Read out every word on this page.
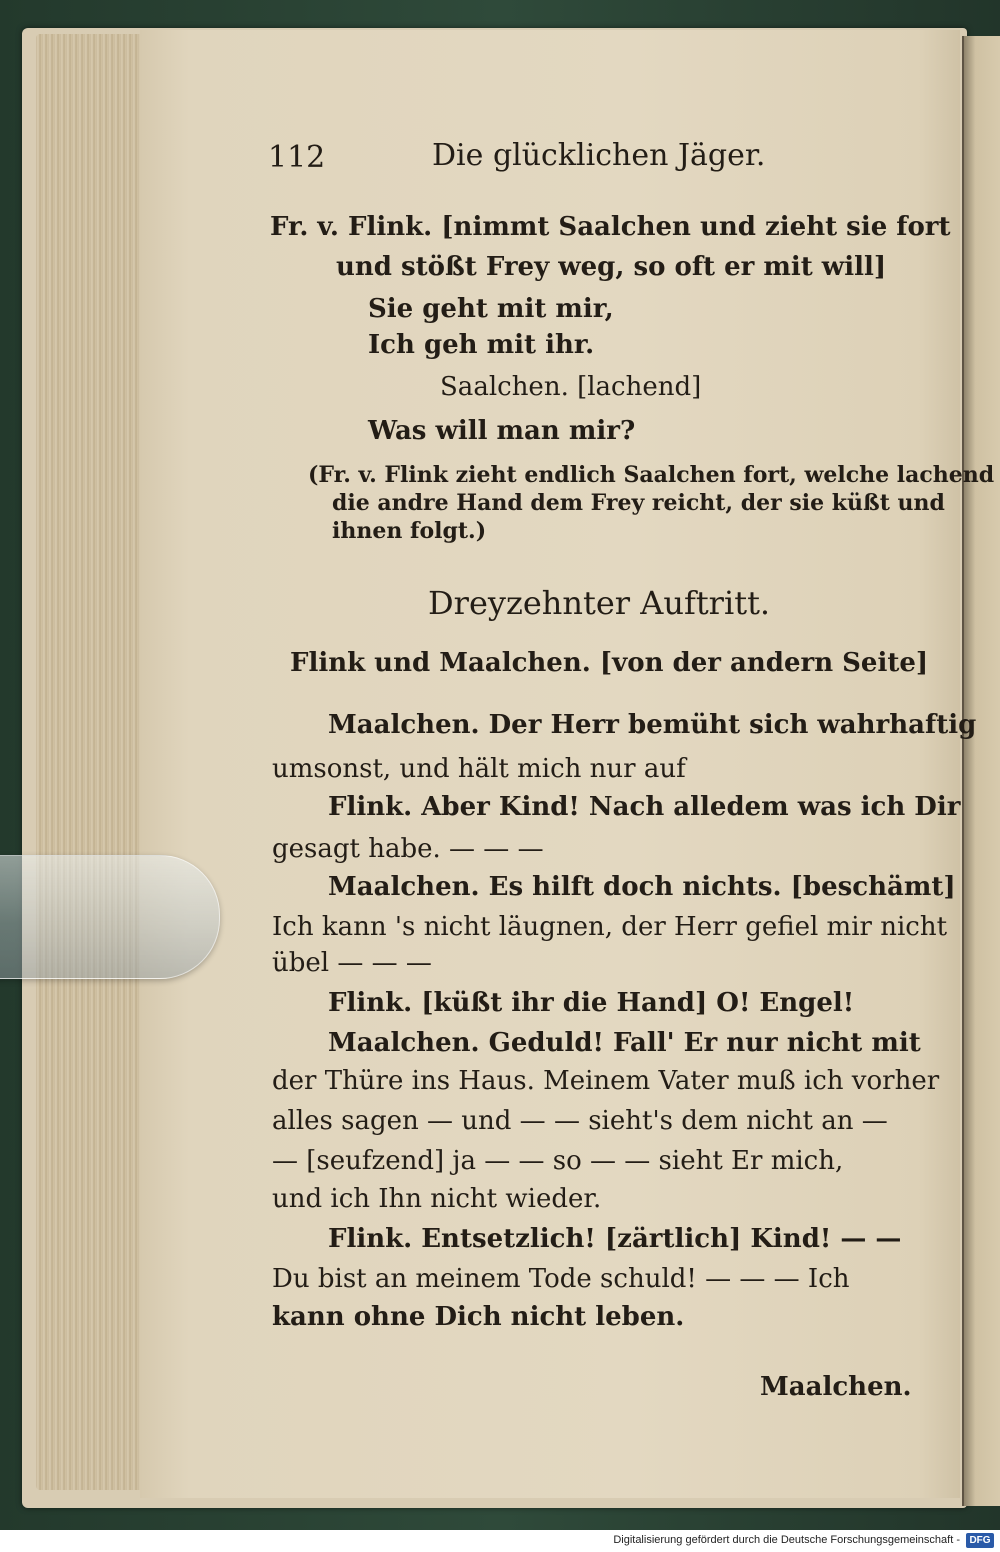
112	Die glücklichen Jäger.
Fr. v. Flink. [nimmt Saalchen und zieht sie fort
und stößt Frey weg, so oft er mit will]
Sie geht mit mir,
Ich geh mit ihr.
Saalchen. [lachend]
Was will man mir?
(Fr. v. Flink zieht endlich Saalchen fort, welche lachend
die andre Hand dem Frey reicht, der sie küßt und
ihnen folgt.)
Dreyzehnter Auftritt.
Flink und Maalchen. [von der andern Seite]
Maalchen. Der Herr bemüht sich wahrhaftig
umsonst, und hält mich nur auf
Flink. Aber Kind! Nach alledem was ich Dir
gesagt habe. — — —
Maalchen. Es hilft doch nichts. [beschämt]
Ich kann 's nicht läugnen, der Herr gefiel mir nicht
übel — — —
Flink. [küßt ihr die Hand] O! Engel!
Maalchen. Geduld! Fall' Er nur nicht mit
der Thüre ins Haus. Meinem Vater muß ich vorher
alles sagen — und — — sieht's dem nicht an —
— [seufzend] ja — — so — — sieht Er mich,
und ich Ihn nicht wieder.
Flink. Entsetzlich! [zärtlich] Kind! — —
Du bist an meinem Tode schuld! — — — Ich
kann ohne Dich nicht leben.
Maalchen.
Digitalisierung gefördert durch die Deutsche Forschungsgemeinschaft - DFG
